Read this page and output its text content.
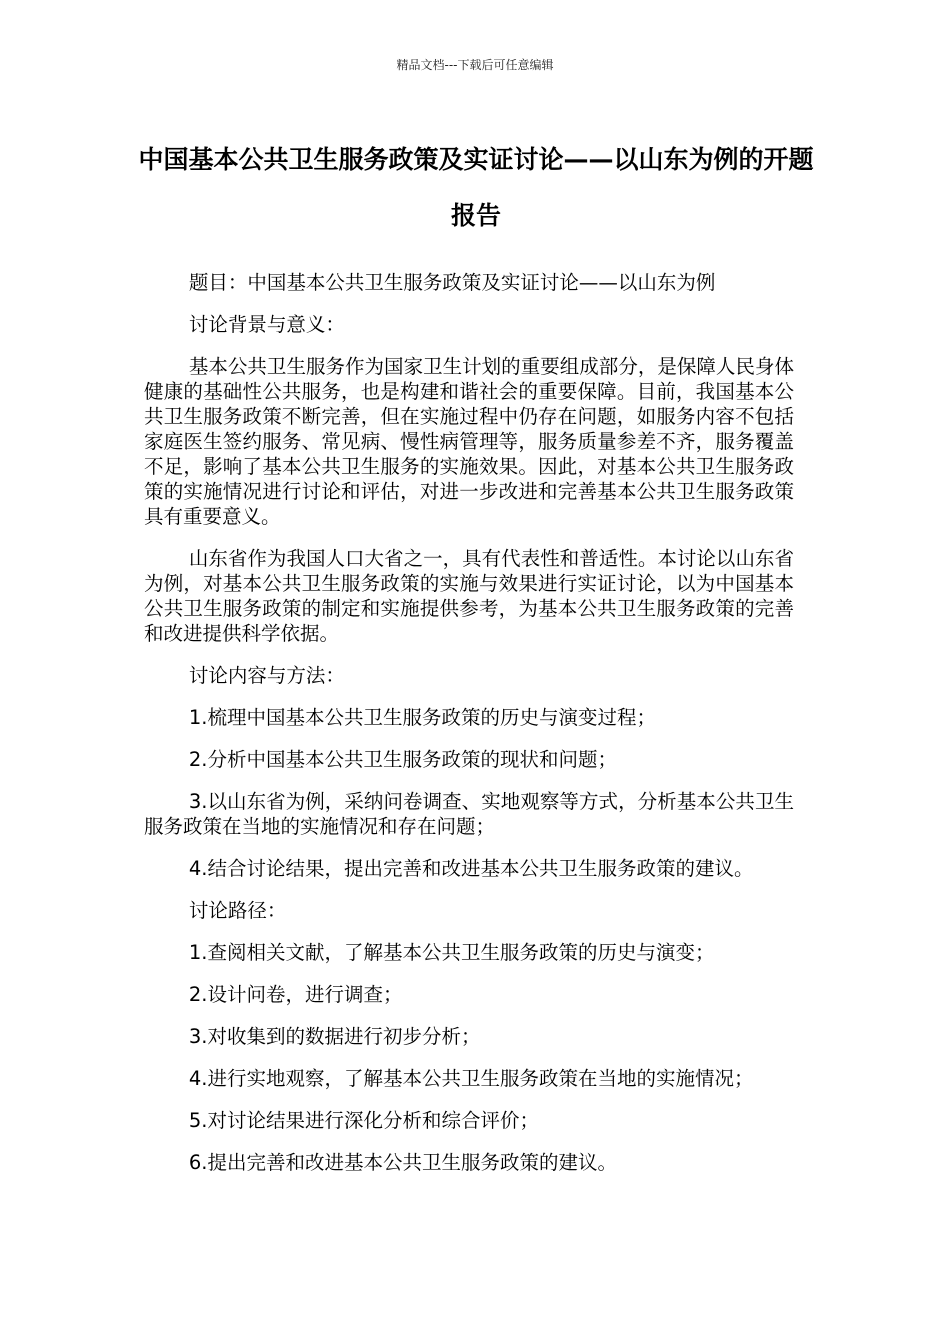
精品文档---下载后可任意编辑
中国基本公共卫生服务政策及实证讨论——以山东为例的开题报告

题目：中国基本公共卫生服务政策及实证讨论——以山东为例

讨论背景与意义：

基本公共卫生服务作为国家卫生计划的重要组成部分，是保障人民身体健康的基础性公共服务，也是构建和谐社会的重要保障。目前，我国基本公共卫生服务政策不断完善，但在实施过程中仍存在问题，如服务内容不包括家庭医生签约服务、常见病、慢性病管理等，服务质量参差不齐，服务覆盖不足，影响了基本公共卫生服务的实施效果。因此，对基本公共卫生服务政策的实施情况进行讨论和评估，对进一步改进和完善基本公共卫生服务政策具有重要意义。

山东省作为我国人口大省之一，具有代表性和普适性。本讨论以山东省为例，对基本公共卫生服务政策的实施与效果进行实证讨论，以为中国基本公共卫生服务政策的制定和实施提供参考，为基本公共卫生服务政策的完善和改进提供科学依据。

讨论内容与方法：

1.梳理中国基本公共卫生服务政策的历史与演变过程；

2.分析中国基本公共卫生服务政策的现状和问题；

3.以山东省为例，采纳问卷调查、实地观察等方式，分析基本公共卫生服务政策在当地的实施情况和存在问题；

4.结合讨论结果，提出完善和改进基本公共卫生服务政策的建议。

讨论路径：

1.查阅相关文献，了解基本公共卫生服务政策的历史与演变；

2.设计问卷，进行调查；

3.对收集到的数据进行初步分析；

4.进行实地观察，了解基本公共卫生服务政策在当地的实施情况；

5.对讨论结果进行深化分析和综合评价；

6.提出完善和改进基本公共卫生服务政策的建议。
